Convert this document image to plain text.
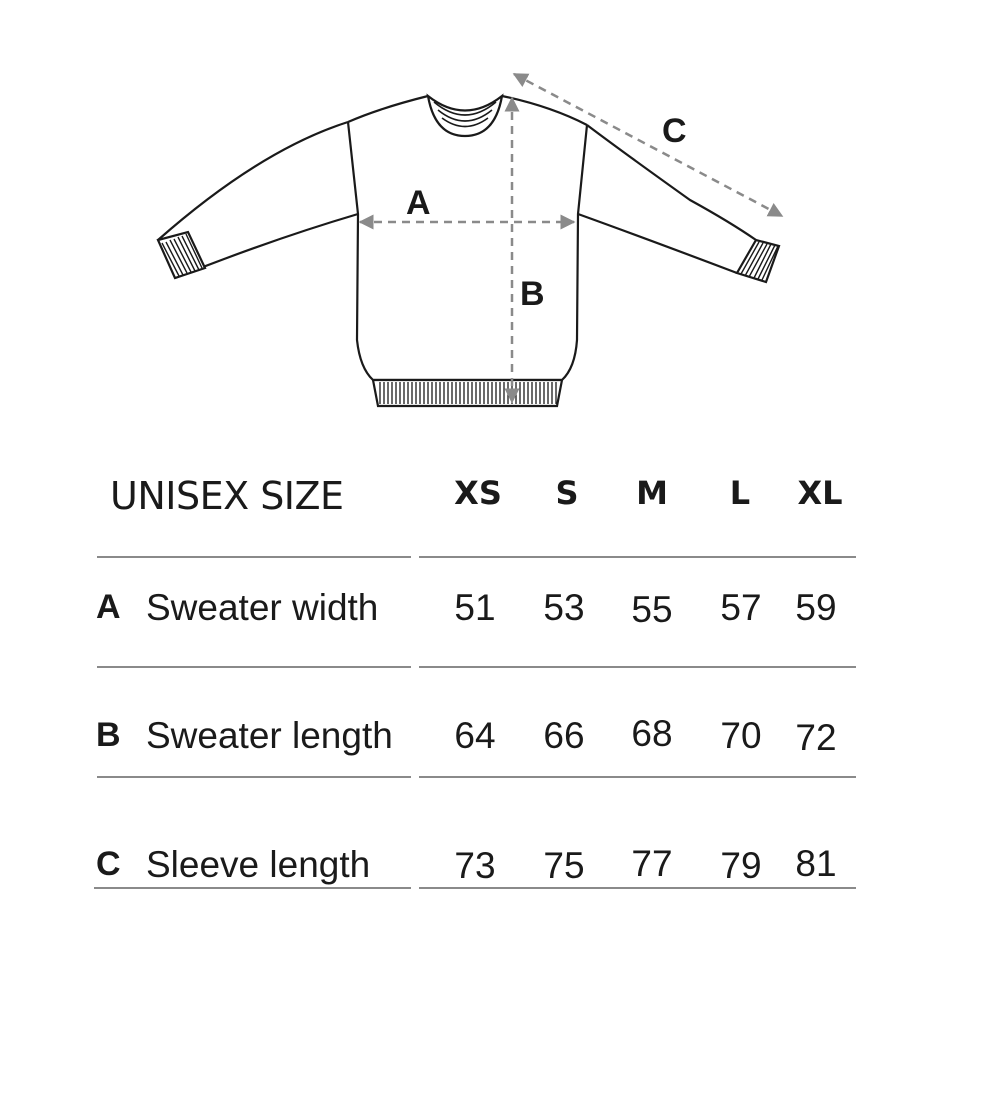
A
B
C
UNISEX SIZE	XS	S	M	L	XL
A Sweater width	51	53	55	57 59
B Sweater length	64	66	68	70 72
C Sleeve length	73	75	77	79 81
